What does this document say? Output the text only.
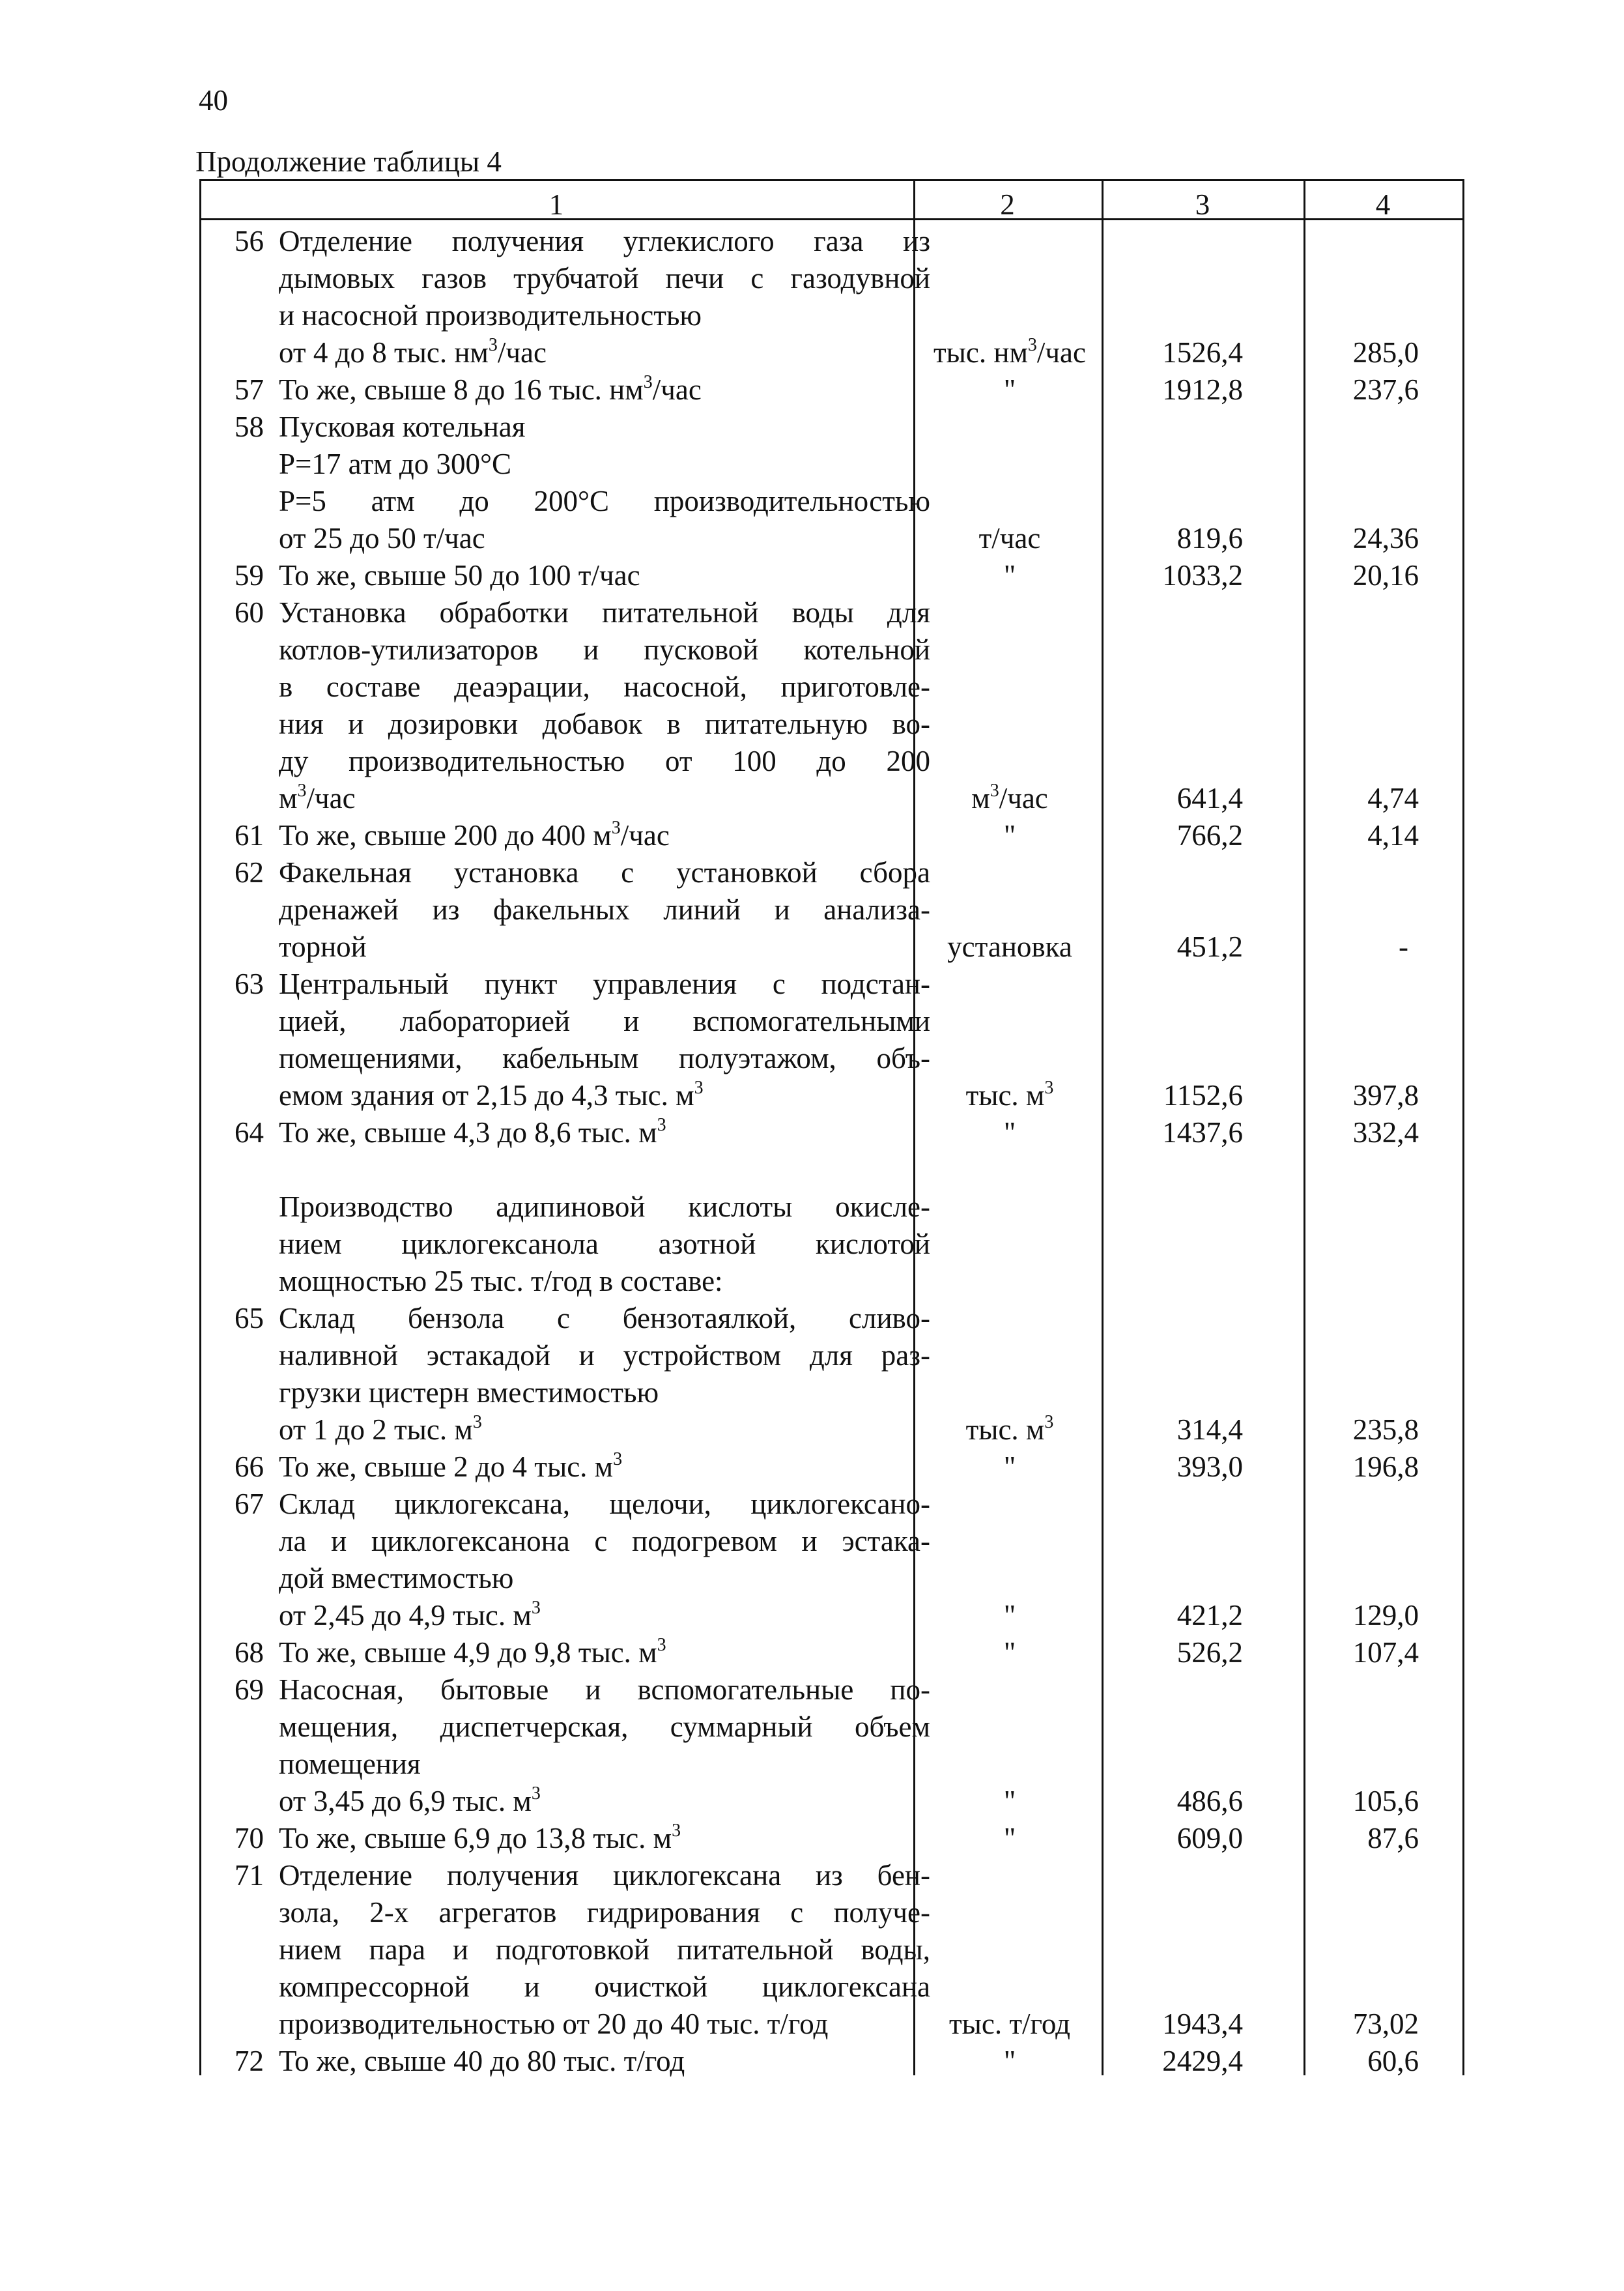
40
Продолжение таблицы 4
1	2	3	4
56 Отделение получения углекислого газа из
дымовых газов трубчатой печи с газодувной
и насосной производительностью
от 4 до 8 тыс. $нм^3$/час	тыс. $нм^3$/час	1526,4	285,0
57 То же, свыше 8 до 16 тыс. $нм^3$/час	"	1912,8	237,6
58 Пусковая котельная
P=17 атм до 300°C
P=5 атм до 200°C производительностью
от 25 до 50 т/час	т/час	819,6	24,36
59 То же, свыше 50 до 100 т/час	"	1033,2	20,16
60 Установка обработки питательной воды для
котлов-утилизаторов и пусковой котельной
в составе деаэрации, насосной, приготовле-
ния и дозировки добавок в питательную во-
ду производительностью от 100 до 200
$м^3$/час	$м^3$/час	641,4	4,74
61 То же, свыше 200 до 400 $м^3$/час	"	766,2	4,14
62 Факельная установка с установкой сбора
дренажей из факельных линий и анализа-
торной	установка	451,2	-
63 Центральный пункт управления с подстан-
цией, лабораторией и вспомогательными
помещениями, кабельным полуэтажом, объ-
емом здания от 2,15 до 4,3 тыс. $м^3$	тыс. $м^3$	1152,6	397,8
64 То же, свыше 4,3 до 8,6 тыс. $м^3$	"	1437,6	332,4
Производство адипиновой кислоты окисле-
нием циклогексанола азотной кислотой
мощностью 25 тыс. т/год в составе:
65 Склад бензола с бензотаялкой, сливо-
наливной эстакадой и устройством для раз-
грузки цистерн вместимостью
от 1 до 2 тыс. $м^3$	тыс. $м^3$	314,4	235,8
66 То же, свыше 2 до 4 тыс. $м^3$	"	393,0	196,8
67 Склад циклогексана, щелочи, циклогексано-
ла и циклогексанона с подогревом и эстака-
дой вместимостью
от 2,45 до 4,9 тыс. $м^3$	"	421,2	129,0
68 То же, свыше 4,9 до 9,8 тыс. $м^3$	"	526,2	107,4
69 Насосная, бытовые и вспомогательные по-
мещения, диспетчерская, суммарный объем
помещения
от 3,45 до 6,9 тыс. $м^3$	"	486,6	105,6
70 То же, свыше 6,9 до 13,8 тыс. $м^3$	"	609,0	87,6
71 Отделение получения циклогексана из бен-
зола, 2-х агрегатов гидрирования с получе-
нием пара и подготовкой питательной воды,
компрессорной и очисткой циклогексана
производительностью от 20 до 40 тыс. т/год	тыс. т/год	1943,4	73,02
72 То же, свыше 40 до 80 тыс. т/год	"	2429,4	60,6
